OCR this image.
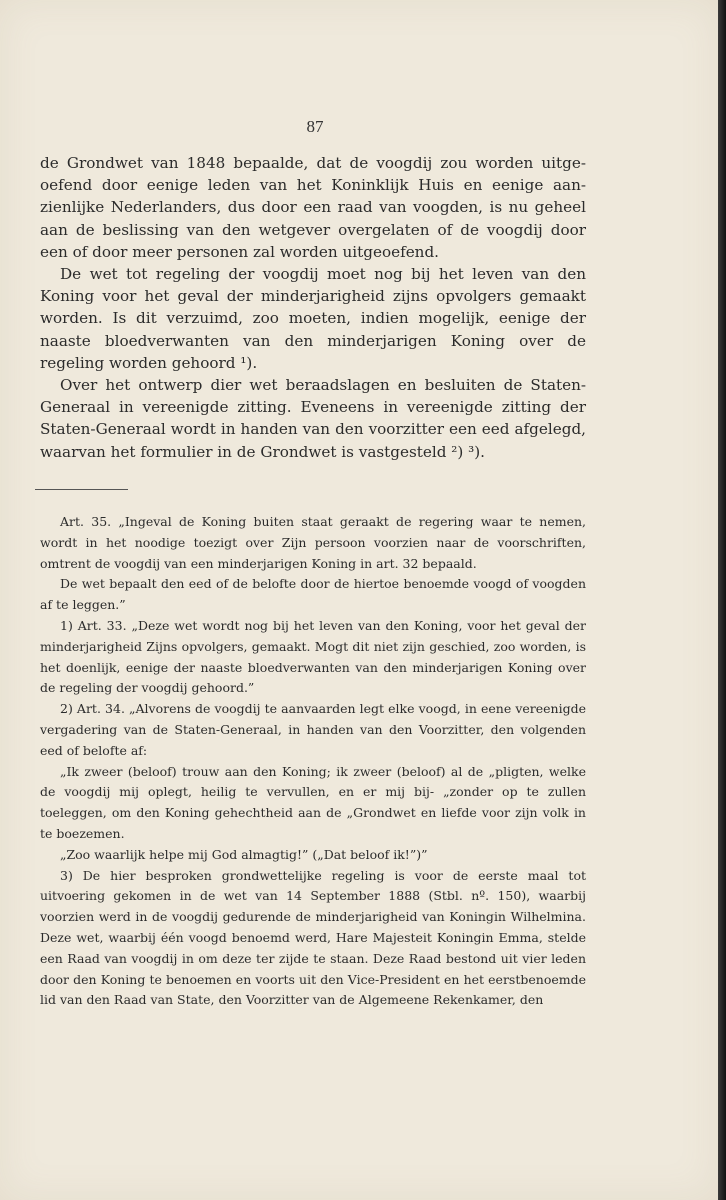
87

de Grondwet van 1848 bepaalde, dat de voogdij zou worden uitgeoefend door eenige leden van het Koninklijk Huis en eenige aanzienlijke Nederlanders, dus door een raad van voogden, is nu geheel aan de beslissing van den wetgever overgelaten of de voogdij door een of door meer personen zal worden uitgeoefend.

De wet tot regeling der voogdij moet nog bij het leven van den Koning voor het geval der minderjarigheid zijns opvolgers gemaakt worden. Is dit verzuimd, zoo moeten, indien mogelijk, eenige der naaste bloedverwanten van den minderjarigen Koning over de regeling worden gehoord ¹).

Over het ontwerp dier wet beraadslagen en besluiten de Staten-Generaal in vereenigde zitting. Eveneens in vereenigde zitting der Staten-Generaal wordt in handen van den voorzitter een eed afgelegd, waarvan het formulier in de Grondwet is vastgesteld ²) ³).

Art. 35. „Ingeval de Koning buiten staat geraakt de regering waar te nemen, wordt in het noodige toezigt over Zijn persoon voorzien naar de voorschriften, omtrent de voogdij van een minderjarigen Koning in art. 32 bepaald.

De wet bepaalt den eed of de belofte door de hiertoe benoemde voogd of voogden af te leggen.”

1) Art. 33. „Deze wet wordt nog bij het leven van den Koning, voor het geval der minderjarigheid Zijns opvolgers, gemaakt. Mogt dit niet zijn geschied, zoo worden, is het doenlijk, eenige der naaste bloedverwanten van den minderjarigen Koning over de regeling der voogdij gehoord.”

2) Art. 34. „Alvorens de voogdij te aanvaarden legt elke voogd, in eene vereenigde vergadering van de Staten-Generaal, in handen van den Voorzitter, den volgenden eed of belofte af:

„Ik zweer (beloof) trouw aan den Koning; ik zweer (beloof) al de „pligten, welke de voogdij mij oplegt, heilig te vervullen, en er mij bij- „zonder op te zullen toeleggen, om den Koning gehechtheid aan de „Grondwet en liefde voor zijn volk in te boezemen.

„Zoo waarlijk helpe mij God almagtig!” („Dat beloof ik!”)”

3) De hier besproken grondwettelijke regeling is voor de eerste maal tot uitvoering gekomen in de wet van 14 September 1888 (Stbl. nº. 150), waarbij voorzien werd in de voogdij gedurende de minderjarigheid van Koningin Wilhelmina. Deze wet, waarbij één voogd benoemd werd, Hare Majesteit Koningin Emma, stelde een Raad van voogdij in om deze ter zijde te staan. Deze Raad bestond uit vier leden door den Koning te benoemen en voorts uit den Vice-President en het eerstbenoemde lid van den Raad van State, den Voorzitter van de Algemeene Rekenkamer, den
